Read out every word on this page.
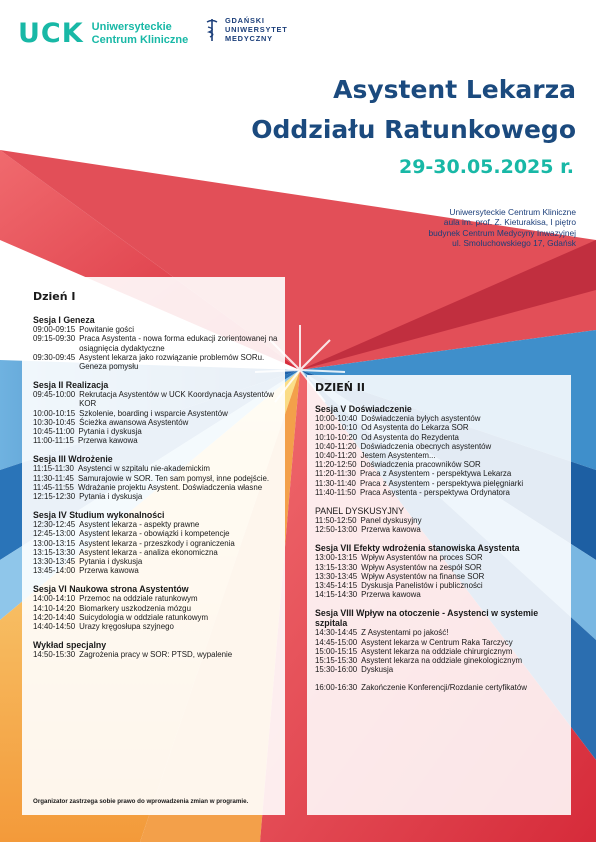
UCK Uniwersyteckie
Centrum Kliniczne
GDAŃSKI
UNIWERSYTET
MEDYCZNY
Asystent Lekarza
Oddziału Ratunkowego
29-30.05.2025 r.
Uniwersyteckie Centrum Kliniczne
aula im. prof. Z. Kieturakisa, I piętro
budynek Centrum Medycyny Inwazyjnej
ul. Smoluchowskiego 17, Gdańsk
Dzień I
Sesja I Geneza
09:00-09:15 Powitanie gości
09:15-09:30 Praca Asystenta - nowa forma edukacji zorientowanej na osiągnięcia dydaktyczne
09:30-09:45 Asystent lekarza jako rozwiązanie problemów SORu. Geneza pomysłu
Sesja II Realizacja
09:45-10:00 Rekrutacja Asystentów w UCK Koordynacja Asystentów KOR
10:00-10:15 Szkolenie, boarding i wsparcie Asystentów
10:30-10:45 Ścieżka awansowa Asystentów
10:45-11:00 Pytania i dyskusja
11:00-11:15 Przerwa kawowa
Sesja III Wdrożenie
11:15-11:30 Asystenci w szpitalu nie-akademickim
11:30-11:45 Samurajowie w SOR. Ten sam pomysł, inne podejście.
11:45-11:55 Wdrażanie projektu Asystent. Doświadczenia własne
12:15-12:30 Pytania i dyskusja
Sesja IV Studium wykonalności
12:30-12:45 Asystent lekarza - aspekty prawne
12:45-13:00 Asystent lekarza - obowiązki i kompetencje
13:00-13:15 Asystent lekarza - przeszkody i ograniczenia
13:15-13:30 Asystent lekarza - analiza ekonomiczna
13:30-13:45 Pytania i dyskusja
13:45-14:00 Przerwa kawowa
Sesja VI Naukowa strona Asystentów
14:00-14:10 Przemoc na oddziale ratunkowym
14:10-14:20 Biomarkery uszkodzenia mózgu
14:20-14:40 Suicydologia w oddziale ratunkowym
14:40-14:50 Urazy kręgosłupa szyjnego
Wykład specjalny
14:50-15:30 Zagrożenia pracy w SOR: PTSD, wypalenie
DZIEŃ II
Sesja V Doświadczenie
10:00-10:40 Doświadczenia byłych asystentów
10:00-10:10 Od Asystenta do Lekarza SOR
10:10-10:20 Od Asystenta do Rezydenta
10:40-11:20 Doświadczenia obecnych asystentów
10:40-11:20 Jestem Asystentem...
11:20-12:50 Doświadczenia pracowników SOR
11:20-11:30 Praca z Asystentem - perspektywa Lekarza
11:30-11:40 Praca z Asystentem - perspektywa pielęgniarki
11:40-11:50 Praca Asystenta - perspektywa Ordynatora
PANEL DYSKUSYJNY
11:50-12:50 Panel dyskusyjny
12:50-13:00 Przerwa kawowa
Sesja VII Efekty wdrożenia stanowiska Asystenta
13:00-13:15 Wpływ Asystentów na proces SOR
13:15-13:30 Wpływ Asystentów na zespół SOR
13:30-13:45 Wpływ Asystentów na finanse SOR
13:45-14:15 Dyskusja Panelistów i publiczności
14:15-14:30 Przerwa kawowa
Sesja VIII Wpływ na otoczenie - Asystenci w systemie szpitala
14:30-14:45 Z Asystentami po jakość!
14:45-15:00 Asystent lekarza w Centrum Raka Tarczycy
15:00-15:15 Asystent lekarza na oddziale chirurgicznym
15:15-15:30 Asystent lekarza na oddziale ginekologicznym
15:30-16:00 Dyskusja
16:00-16:30 Zakończenie Konferencji/Rozdanie certyfikatów
Organizator zastrzega sobie prawo do wprowadzenia zmian w programie.
